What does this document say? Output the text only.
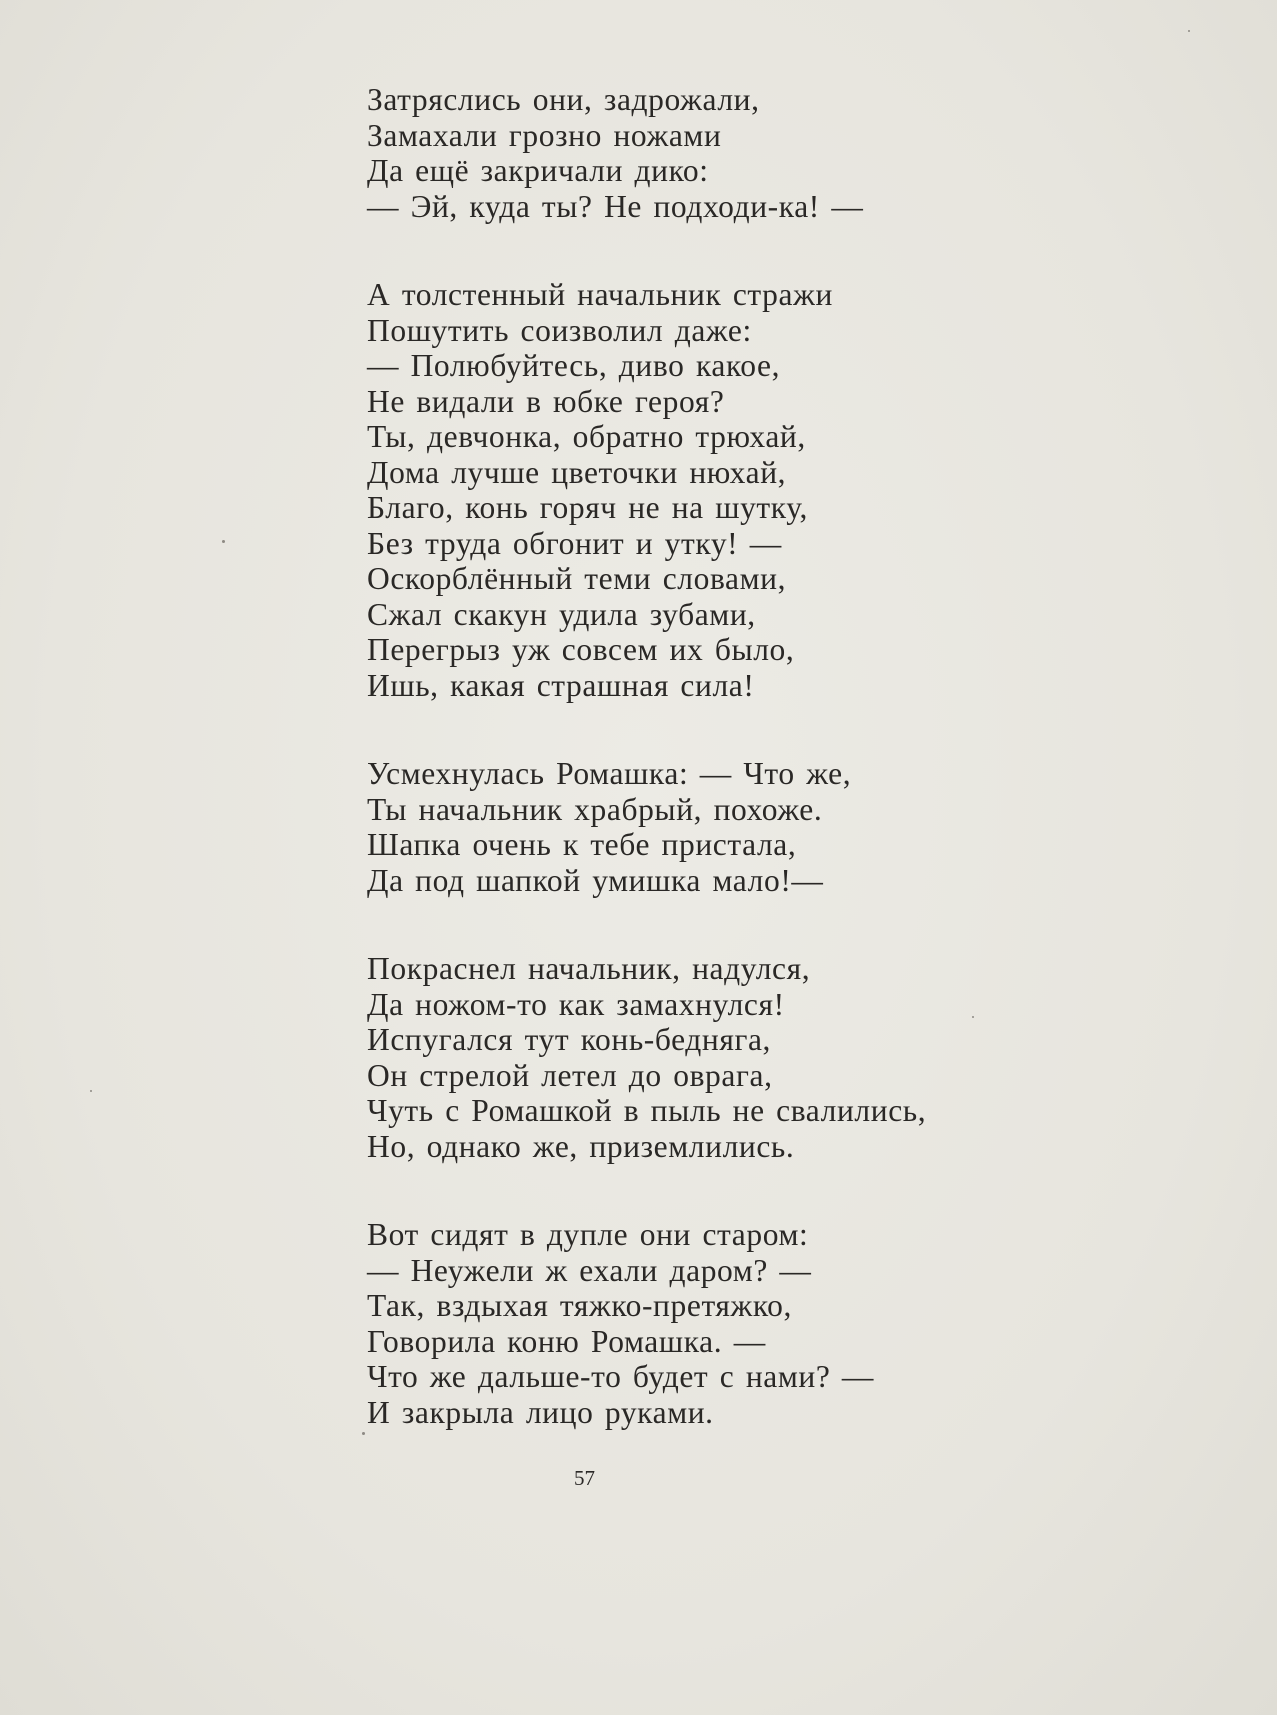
Затряслись они, задрожали,
Замахали грозно ножами
Да ещё закричали дико:
— Эй, куда ты? Не подходи-ка! —
А толстенный начальник стражи
Пошутить соизволил даже:
— Полюбуйтесь, диво какое,
Не видали в юбке героя?
Ты, девчонка, обратно трюхай,
Дома лучше цветочки нюхай,
Благо, конь горяч не на шутку,
Без труда обгонит и утку! —
Оскорблённый теми словами,
Сжал скакун удила зубами,
Перегрыз уж совсем их было,
Ишь, какая страшная сила!
Усмехнулась Ромашка: — Что же,
Ты начальник храбрый, похоже.
Шапка очень к тебе пристала,
Да под шапкой умишка мало!—
Покраснел начальник, надулся,
Да ножом-то как замахнулся!
Испугался тут конь-бедняга,
Он стрелой летел до оврага,
Чуть с Ромашкой в пыль не свалились,
Но, однако же, приземлились.
Вот сидят в дупле они старом:
— Неужели ж ехали даром? —
Так, вздыхая тяжко-претяжко,
Говорила коню Ромашка. —
Что же дальше-то будет с нами? —
И закрыла лицо руками.
57
